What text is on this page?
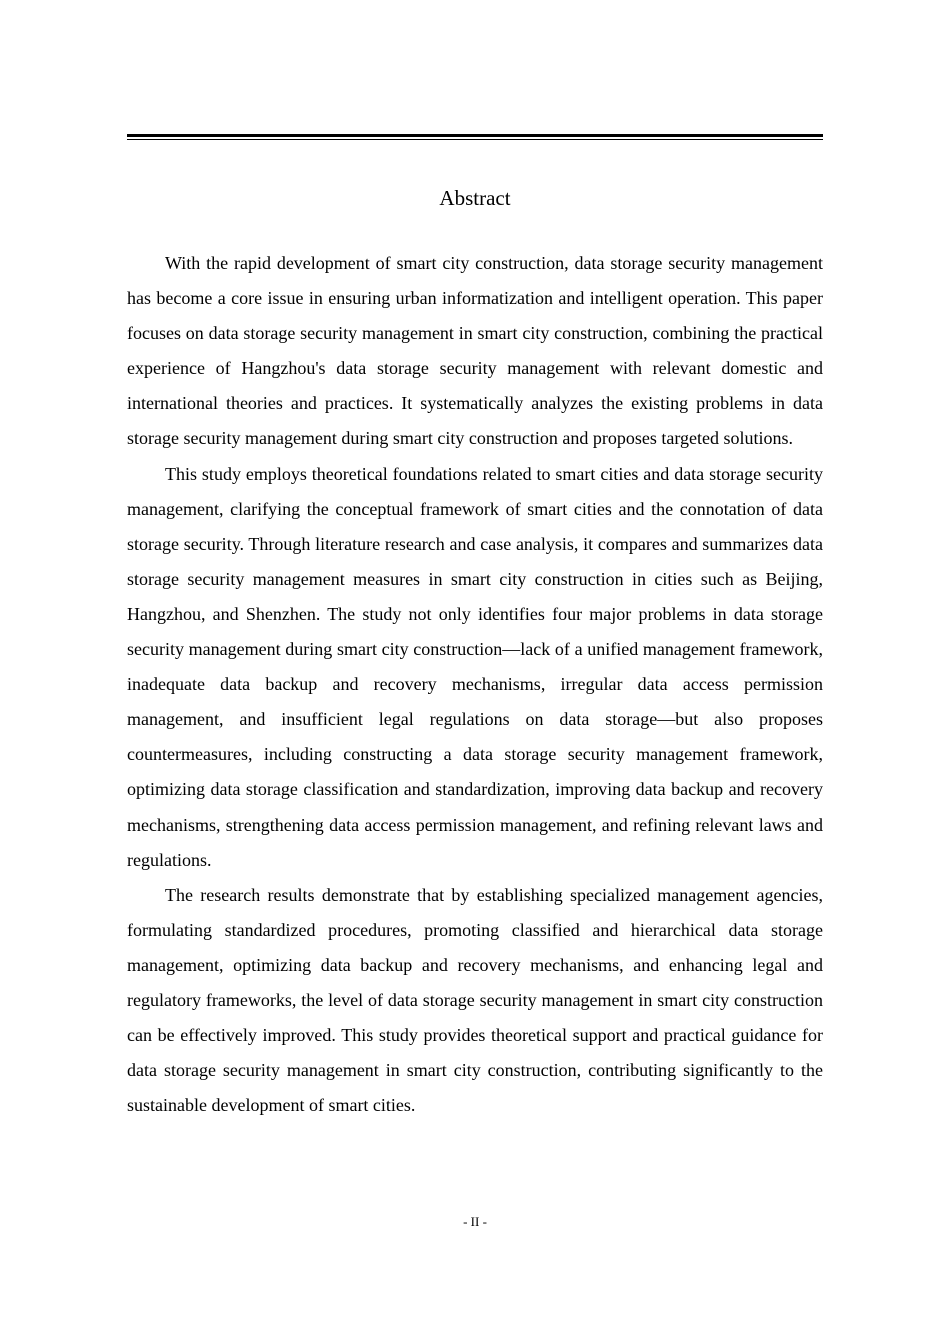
Abstract

With the rapid development of smart city construction, data storage security management has become a core issue in ensuring urban informatization and intelligent operation. This paper focuses on data storage security management in smart city construction, combining the practical experience of Hangzhou's data storage security management with relevant domestic and international theories and practices. It systematically analyzes the existing problems in data storage security management during smart city construction and proposes targeted solutions.

This study employs theoretical foundations related to smart cities and data storage security management, clarifying the conceptual framework of smart cities and the connotation of data storage security. Through literature research and case analysis, it compares and summarizes data storage security management measures in smart city construction in cities such as Beijing, Hangzhou, and Shenzhen. The study not only identifies four major problems in data storage security management during smart city construction—lack of a unified management framework, inadequate data backup and recovery mechanisms, irregular data access permission management, and insufficient legal regulations on data storage—but also proposes countermeasures, including constructing a data storage security management framework, optimizing data storage classification and standardization, improving data backup and recovery mechanisms, strengthening data access permission management, and refining relevant laws and regulations.

The research results demonstrate that by establishing specialized management agencies, formulating standardized procedures, promoting classified and hierarchical data storage management, optimizing data backup and recovery mechanisms, and enhancing legal and regulatory frameworks, the level of data storage security management in smart city construction can be effectively improved. This study provides theoretical support and practical guidance for data storage security management in smart city construction, contributing significantly to the sustainable development of smart cities.

- II -
